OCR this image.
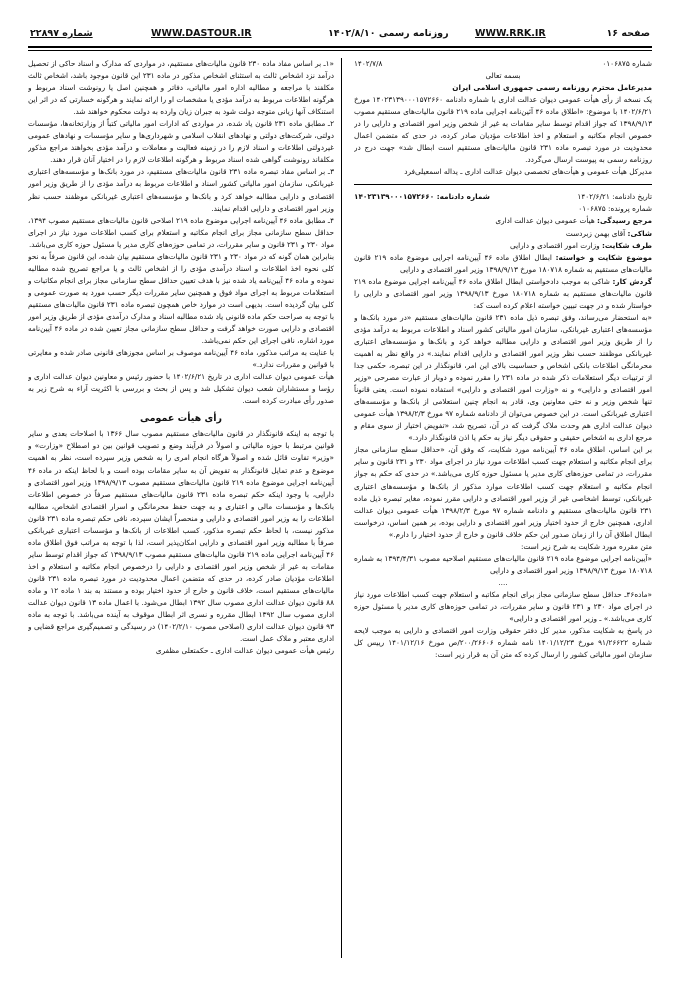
شماره ۲۲۸۹۷	WWW.DASTOUR.IR	روزنامه رسمی ۱۴۰۲/۸/۱۰	WWW.RRK.IR	صفحه ۱۶
شماره ۰۱۰۶۸۷۵
۱۴۰۲/۷/۸

بسمه تعالی

مدیرعامل محترم روزنامه رسمی جمهوری اسلامی ایران

یک نسخه از رأی هیأت عمومی دیوان عدالت اداری با شماره دادنامه ۱۴۰۲۳۱۳۹۰۰۰۱۵۷۲۶۶۰ مورخ ۱۴۰۲/۶/۲۱ با موضوع: «اطلاق ماده ۴۶ آئین‌نامه اجرایی ماده ۲۱۹ قانون مالیات‌های مستقیم مصوب ۱۳۹۸/۹/۱۳ که جواز اقدام توسط سایر مقامات به غیر از شخص وزیر امور اقتصادی و دارایی را در خصوص انجام مکاتبه و استعلام و اخذ اطلاعات مؤدیان صادر کرده، در حدی که متضمن اعمال محدودیت در مورد تبصره ماده ۲۳۱ قانون مالیات‌های مستقیم است ابطال شد» جهت درج در روزنامه رسمی به پیوست ارسال می‌گردد.

مدیرکل هیأت عمومی و هیأت‌های تخصصی دیوان عدالت اداری ـ یداله اسمعیلی‌فرد

تاریخ دادنامه: ۱۴۰۲/۶/۲۱
شماره دادنامه: ۱۴۰۲۳۱۳۹۰۰۰۱۵۷۲۶۶۰

شماره پرونده: ۰۱۰۶۸۷۵

مرجع رسیدگی: هیأت عمومی دیوان عدالت اداری

شاکی: آقای بهمن زبردست

طرف شکایت: وزارت امور اقتصادی و دارایی

موضوع شکایت و خواسته: ابطال اطلاق ماده ۴۶ آیین‌نامه اجرایی موضوع ماده ۲۱۹ قانون مالیات‌های مستقیم به شماره ۱۸۰۷۱۸ مورخ ۱۳۹۸/۹/۱۳ وزیر امور اقتصادی و دارایی

گردش کار: شاکی به موجب دادخواستی ابطال اطلاق ماده ۴۶ آیین‌نامه اجرایی موضوع ماده ۲۱۹ قانون مالیات‌های مستقیم به شماره ۱۸۰۷۱۸ مورخ ۱۳۹۸/۹/۱۳ وزیر امور اقتصادی و دارایی را خواستار شده و در جهت تبیین خواسته اعلام کرده است که:

«به استحضار می‌رساند، وفق تبصره ذیل ماده ۲۳۱ قانون مالیات‌های مستقیم «در مورد بانک‌ها و مؤسسه‌های اعتباری غیربانکی، سازمان امور مالیاتی کشور اسناد و اطلاعات مربوط به درآمد مؤدی را از طریق وزیر امور اقتصادی و دارایی مطالبه خواهد کرد و بانک‌ها و مؤسسه‌های اعتباری غیربانکی موظفند حسب نظر وزیر امور اقتصادی و دارایی اقدام نمایند.» در واقع نظر به اهمیت محرمانگی اطلاعات بانکی اشخاص و حساسیت بالای این امر، قانونگذار در این تبصره، حکمی جدا از ترتیبات دیگر استعلامات ذکر شده در ماده ۲۳۱ را مقرر نموده و دوبار از عبارت مصرحی «وزیر امور اقتصادی و دارایی» و نه «وزارت امور اقتصادی و دارایی» استفاده نموده است. یعنی قانوناً تنها شخص وزیر و نه حتی معاونین وی، قادر به انجام چنین استعلامی از بانک‌ها و مؤسسه‌های اعتباری غیربانکی است. در این خصوص می‌توان از دادنامه شماره ۹۷ مورخ ۱۳۹۸/۲/۳ هیأت عمومی دیوان عدالت اداری هم وحدت ملاک گرفت که در آن، تصریح شد، «تفویض اختیار از سوی مقام و مرجع اداری به اشخاص حقیقی و حقوقی دیگر نیاز به حکم یا اذن قانونگذار دارد.»

بر این اساس، اطلاق ماده ۴۶ آیین‌نامه مورد شکایت، که وفق آن، «حداقل سطح سازمانی مجاز برای انجام مکاتبه و استعلام جهت کسب اطلاعات مورد نیاز در اجرای مواد ۲۳۰ و ۲۳۱ قانون و سایر مقررات، در تمامی حوزه‌های کاری مدیر یا مسئول حوزه کاری می‌باشد.» در حدی که حکم به جواز انجام مکاتبه و استعلام جهت کسب اطلاعات موارد مذکور از بانک‌ها و مؤسسه‌های اعتباری غیربانکی، توسط اشخاصی غیر از وزیر امور اقتصادی و دارایی مقرر نموده، مغایر تبصره ذیل ماده ۲۳۱ قانون مالیات‌های مستقیم و دادنامه شماره ۹۷ مورخ ۱۳۹۸/۲/۳ هیأت عمومی دیوان عدالت اداری، همچنین خارج از حدود اختیار وزیر امور اقتصادی و دارایی بوده، بر همین اساس، درخواست ابطال اطلاق آن را از زمان صدور این حکم خلاف قانون و خارج از حدود اختیار را دارم.»

متن مقرره مورد شکایت به شرح زیر است:

«آیین‌نامه اجرایی موضوع ماده ۲۱۹ قانون مالیات‌های مستقیم اصلاحیه مصوب ۱۳۹۴/۴/۳۱ به شماره ۱۸۰۷۱۸ مورخ ۱۳۹۸/۹/۱۳ وزیر امور اقتصادی و دارایی

....

«ماده۴۶ـ حداقل سطح سازمانی مجاز برای انجام مکاتبه و استعلام جهت کسب اطلاعات مورد نیاز در اجرای مواد ۲۳۰ و ۲۳۱ قانون و سایر مقررات، در تمامی حوزه‌های کاری مدیر یا مسئول حوزه کاری می‌باشد.» ـ وزیر امور اقتصادی و دارایی»

در پاسخ به شکایت مذکور، مدیر کل دفتر حقوقی وزارت امور اقتصادی و دارایی به موجب لایحه شماره ۹۱/۲۶۶۲۲ مورخ ۱۴۰۱/۱۲/۲۳ نامه شماره ۲۰۰/۲۶۶۰۶/ص مورخ ۱۴۰۱/۱۲/۱۶ رییس کل سازمان امور مالیاتی کشور را ارسال کرده که متن آن به قرار زیر است:

«۱ـ بر اساس مفاد ماده ۲۳۰ قانون مالیات‌های مستقیم، در مواردی که مدارک و اسناد حاکی از تحصیل درآمد نزد اشخاص ثالث به استثنای اشخاص مذکور در ماده ۲۳۱ این قانون موجود باشد، اشخاص ثالث مکلفند با مراجعه و مطالبه اداره امور مالیاتی، دفاتر و همچنین اصل یا رونوشت اسناد مربوط و هرگونه اطلاعات مربوط به درآمد مؤدی یا مشخصات او را ارائه نمایند و هرگونه خسارتی که در اثر این استنکاف آنها زیانی متوجه دولت شود به جبران زیان وارده به دولت محکوم خواهند شد.

۲ـ مطابق ماده ۲۳۱ قانون یاد شده، در مواردی که ادارات امور مالیاتی کتباً از وزارتخانه‌ها، مؤسسات دولتی، شرکت‌های دولتی و نهادهای انقلاب اسلامی و شهرداری‌ها و سایر مؤسسات و نهادهای عمومی غیردولتی اطلاعات و اسناد لازم را در زمینه فعالیت و معاملات و درآمد مؤدی بخواهند مراجع مذکور مکلفاند رونوشت گواهی شده اسناد مربوط و هرگونه اطلاعات لازم را در اختیار آنان قرار دهند.

۳ـ بر اساس مفاد تبصره ماده ۲۳۱ قانون مالیات‌های مستقیم، در مورد بانک‌ها و مؤسسه‌های اعتباری غیربانکی، سازمان امور مالیاتی کشور اسناد و اطلاعات مربوط به درآمد مؤدی را از طریق وزیر امور اقتصادی و دارایی مطالبه خواهد کرد و بانک‌ها و مؤسسه‌های اعتباری غیربانکی موظفند حسب نظر وزیر امور اقتصادی و دارایی اقدام نمایند.

۴ـ مطابق ماده ۴۶ آیین‌نامه اجرایی موضوع ماده ۲۱۹ اصلاحی قانون مالیات‌های مستقیم مصوب ۱۳۹۴، حداقل سطح سازمانی مجاز برای انجام مکاتبه و استعلام برای کسب اطلاعات مورد نیاز در اجرای مواد ۲۳۰ و ۲۳۱ قانون و سایر مقررات، در تمامی حوزه‌های کاری مدیر یا مسئول حوزه کاری می‌باشد.

بنابراین همان گونه که در مواد ۲۳۰ و ۲۳۱ قانون مالیات‌های مستقیم بیان شده، این قانون صرفاً به نحو کلی نحوه اخذ اطلاعات و اسناد درآمدی مؤدی را از اشخاص ثالث و یا مراجع تصریح شده مطالبه نموده و ماده ۴۶ آیین‌نامه یاد شده نیز با هدف تعیین حداقل سطح سازمانی مجاز برای انجام مکاتبات و استعلامات مربوط به اجرای مواد فوق و همچنین سایر مقررات دیگر حسب مورد به صورت عمومی و کلی بیان گردیده است. بدیهی است در موارد خاص همچون تبصره ماده ۲۳۱ قانون مالیات‌های مستقیم با توجه به صراحت حکم ماده قانونی یاد شده مطالبه اسناد و مدارک درآمدی مؤدی از طریق وزیر امور اقتصادی و دارایی صورت خواهد گرفت و حداقل سطح سازمانی مجاز تعیین شده در ماده ۴۶ آیین‌نامه مورد اشاره، نافی اجرای این حکم نمی‌باشد.

با عنایت به مراتب مذکور، ماده ۴۶ آیین‌نامه موصوف بر اساس مجوزهای قانونی صادر شده و مغایرتی با قوانین و مقررات ندارد.»

هیأت عمومی دیوان عدالت اداری در تاریخ ۱۴۰۲/۶/۲۱ با حضور رئیس و معاونین دیوان عدالت اداری و رؤسا و مستشاران شعب دیوان تشکیل شد و پس از بحث و بررسی با اکثریت آراء به شرح زیر به صدور رأی مبادرت کرده است.

رأی هیأت عمومی

با توجه به اینکه قانونگذار در قانون مالیات‌های مستقیم مصوب سال ۱۳۶۶ با اصلاحات بعدی و سایر قوانین مرتبط با حوزه مالیاتی و اصولاً در فرآیند وضع و تصویب قوانین بین دو اصطلاح «وزارت» و «وزیر» تفاوت قائل شده و اصولاً هرگاه انجام امری را به شخص وزیر سپرده است، نظر به اهمیت موضوع و عدم تمایل قانونگذار به تفویض آن به سایر مقامات بوده است و با لحاظ اینکه در ماده ۴۶ آیین‌نامه اجرایی موضوع ماده ۲۱۹ قانون مالیات‌های مستقیم مصوب ۱۳۹۸/۹/۱۳ وزیر امور اقتصادی و دارایی، با وجود اینکه حکم تبصره ماده ۲۳۱ قانون مالیات‌های مستقیم صرفاً در خصوص اطلاعات بانک‌ها و مؤسسات مالی و اعتباری و به جهت حفظ محرمانگی و اسرار اقتصادی اشخاص، مطالبه اطلاعات را به وزیر امور اقتصادی و دارایی و منحصراً ایشان سپرده، نافی حکم تبصره ماده ۲۳۱ قانون مذکور نیست، با لحاظ حکم تبصره مذکور، کسب اطلاعات از بانک‌ها و مؤسسات اعتباری غیربانکی صرفاً با مطالبه وزیر امور اقتصادی و دارایی امکان‌پذیر است، لذا با توجه به مراتب فوق اطلاق ماده ۴۶ آیین‌نامه اجرایی ماده ۲۱۹ قانون مالیات‌های مستقیم مصوب ۱۳۹۸/۹/۱۳ که جواز اقدام توسط سایر مقامات به غیر از شخص وزیر امور اقتصادی و دارایی را درخصوص انجام مکاتبه و استعلام و اخذ اطلاعات مؤدیان صادر کرده، در حدی که متضمن اعمال محدودیت در مورد تبصره ماده ۲۳۱ قانون مالیات‌های مستقیم است، خلاف قانون و خارج از حدود اختیار بوده و مستند به بند ۱ ماده ۱۲ و ماده ۸۸ قانون دیوان عدالت اداری مصوب سال ۱۳۹۲ ابطال می‌شود. با اعمال ماده ۱۳ قانون دیوان عدالت اداری مصوب سال ۱۳۹۲ ابطال مقرره و نسری اثر ابطال موقوف به آینده می‌باشد. با توجه به ماده ۹۳ قانون دیوان عدالت اداری (اصلاحی مصوب ۱۴۰۲/۲/۱۰) در رسیدگی و تصمیم‌گیری مراجع قضایی و اداری معتبر و ملاک عمل است.

رئیس هیأت عمومی دیوان عدالت اداری ـ حکمتعلی مظفری
